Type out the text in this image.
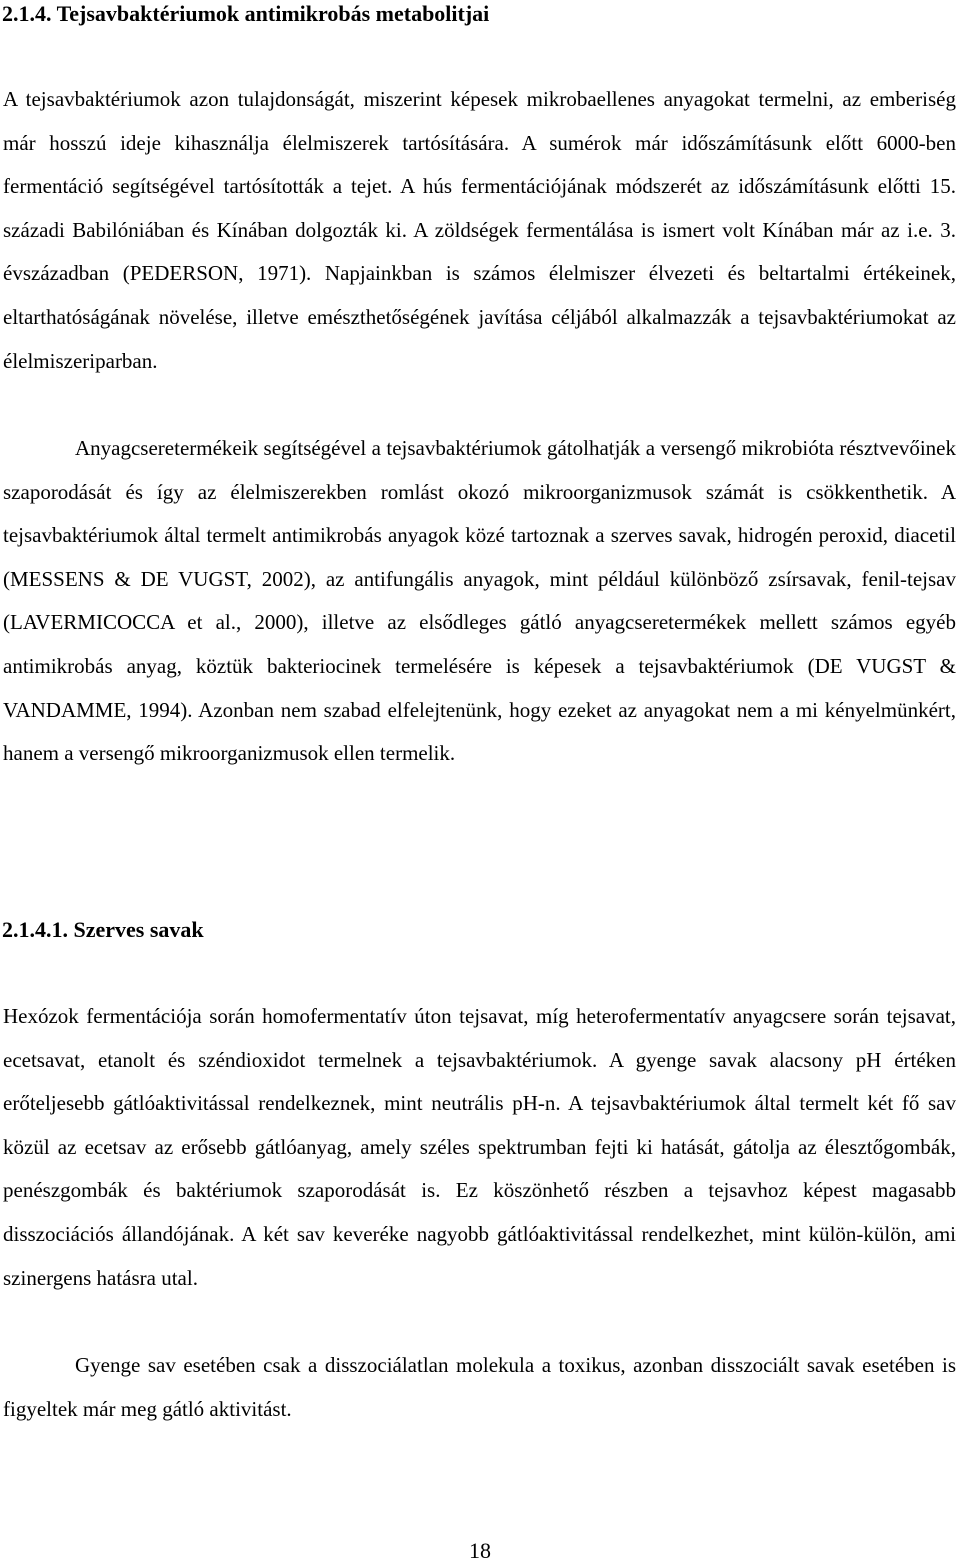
2.1.4. Tejsavbaktériumok antimikrobás metabolitjai

A tejsavbaktériumok azon tulajdonságát, miszerint képesek mikrobaellenes anyagokat termelni, az emberiség már hosszú ideje kihasználja élelmiszerek tartósítására. A sumérok már időszámításunk előtt 6000-ben fermentáció segítségével tartósították a tejet. A hús fermentációjának módszerét az időszámításunk előtti 15. századi Babilóniában és Kínában dolgozták ki. A zöldségek fermentálása is ismert volt Kínában már az i.e. 3. évszázadban (PEDERSON, 1971). Napjainkban is számos élelmiszer élvezeti és beltartalmi értékeinek, eltarthatóságának növelése, illetve emészthetőségének javítása céljából alkalmazzák a tejsavbaktériumokat az élelmiszeriparban.

Anyagcseretermékeik segítségével a tejsavbaktériumok gátolhatják a versengő mikrobióta résztvevőinek szaporodását és így az élelmiszerekben romlást okozó mikroorganizmusok számát is csökkenthetik. A tejsavbaktériumok által termelt antimikrobás anyagok közé tartoznak a szerves savak, hidrogén peroxid, diacetil (MESSENS & DE VUGST, 2002), az antifungális anyagok, mint például különböző zsírsavak, fenil-tejsav (LAVERMICOCCA et al., 2000), illetve az elsődleges gátló anyagcseretermékek mellett számos egyéb antimikrobás anyag, köztük bakteriocinek termelésére is képesek a tejsavbaktériumok (DE VUGST & VANDAMME, 1994). Azonban nem szabad elfelejtenünk, hogy ezeket az anyagokat nem a mi kényelmünkért, hanem a versengő mikroorganizmusok ellen termelik.

2.1.4.1. Szerves savak

Hexózok fermentációja során homofermentatív úton tejsavat, míg heterofermentatív anyagcsere során tejsavat, ecetsavat, etanolt és széndioxidot termelnek a tejsavbaktériumok. A gyenge savak alacsony pH értéken erőteljesebb gátlóaktivitással rendelkeznek, mint neutrális pH-n. A tejsavbaktériumok által termelt két fő sav közül az ecetsav az erősebb gátlóanyag, amely széles spektrumban fejti ki hatását, gátolja az élesztőgombák, penészgombák és baktériumok szaporodását is. Ez köszönhető részben a tejsavhoz képest magasabb disszociációs állandójának. A két sav keveréke nagyobb gátlóaktivitással rendelkezhet, mint külön-külön, ami szinergens hatásra utal.

Gyenge sav esetében csak a disszociálatlan molekula a toxikus, azonban disszociált savak esetében is figyeltek már meg gátló aktivitást.

18
